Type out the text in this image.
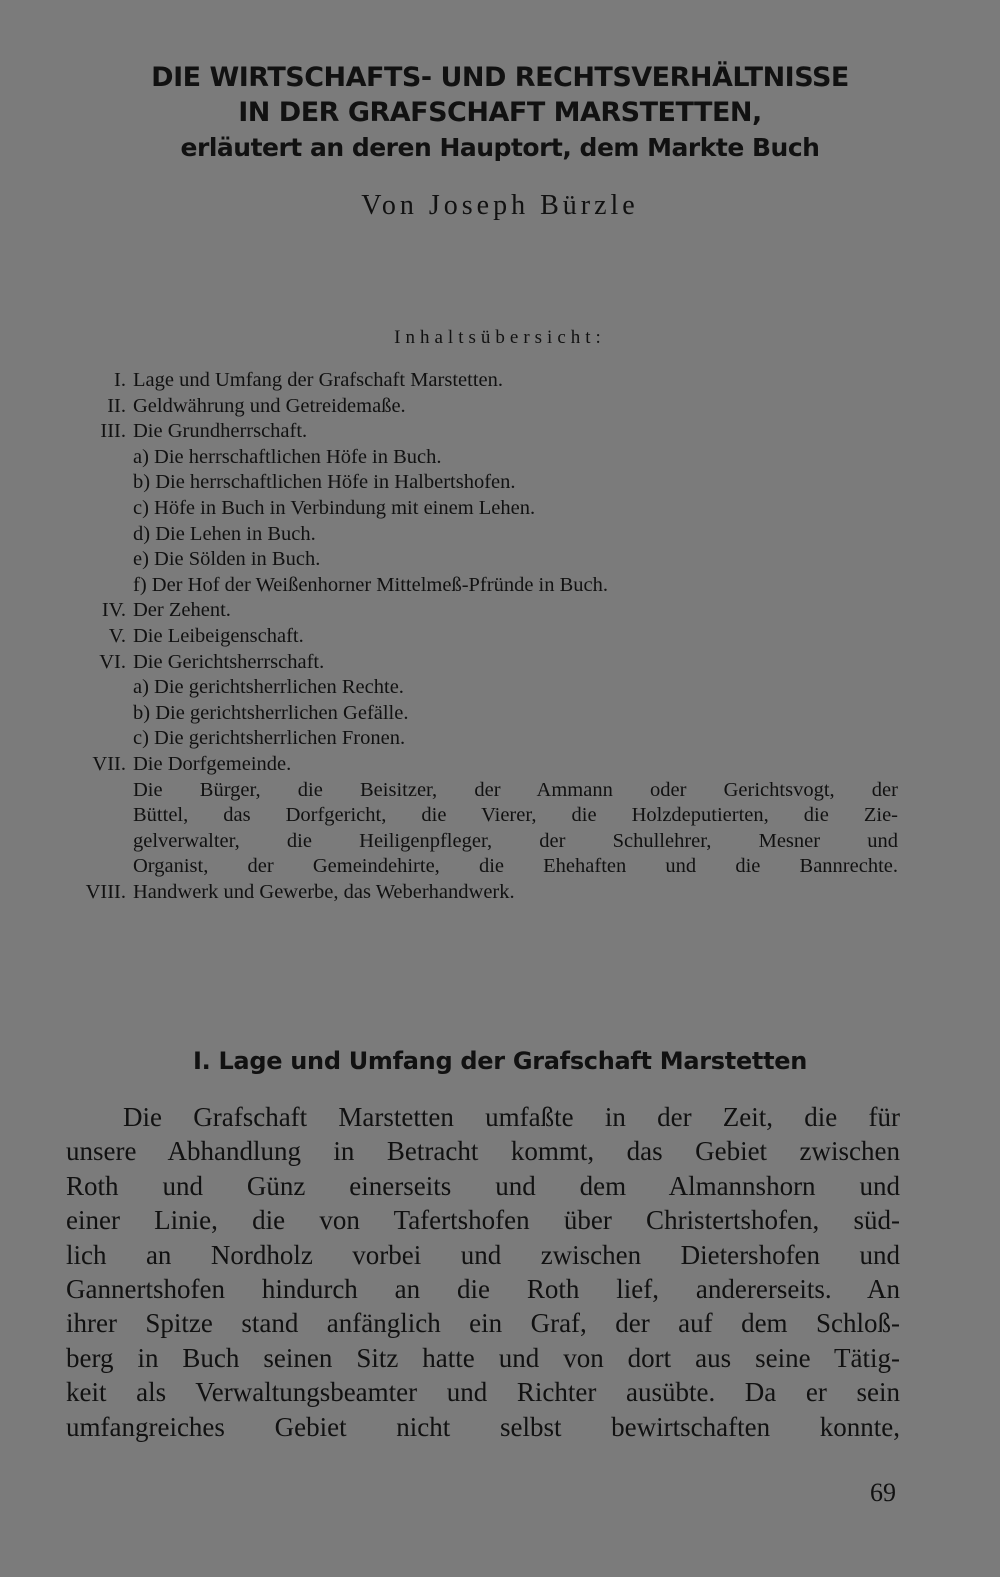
DIE WIRTSCHAFTS- UND RECHTSVERHÄLTNISSE
IN DER GRAFSCHAFT MARSTETTEN,
erläutert an deren Hauptort, dem Markte Buch
Von Joseph Bürzle
Inhaltsübersicht:
I. Lage und Umfang der Grafschaft Marstetten.
II. Geldwährung und Getreidemaße.
III. Die Grundherrschaft.
a) Die herrschaftlichen Höfe in Buch.
b) Die herrschaftlichen Höfe in Halbertshofen.
c) Höfe in Buch in Verbindung mit einem Lehen.
d) Die Lehen in Buch.
e) Die Sölden in Buch.
f) Der Hof der Weißenhorner Mittelmeß-Pfründe in Buch.
IV. Der Zehent.
V. Die Leibeigenschaft.
VI. Die Gerichtsherrschaft.
a) Die gerichtsherrlichen Rechte.
b) Die gerichtsherrlichen Gefälle.
c) Die gerichtsherrlichen Fronen.
VII. Die Dorfgemeinde.
Die Bürger, die Beisitzer, der Ammann oder Gerichtsvogt, der
Büttel, das Dorfgericht, die Vierer, die Holzdeputierten, die Zie-
gelverwalter, die Heiligenpfleger, der Schullehrer, Mesner und
Organist, der Gemeindehirte, die Ehehaften und die Bannrechte.
VIII. Handwerk und Gewerbe, das Weberhandwerk.
I. Lage und Umfang der Grafschaft Marstetten
Die Grafschaft Marstetten umfaßte in der Zeit, die für
unsere Abhandlung in Betracht kommt, das Gebiet zwischen
Roth und Günz einerseits und dem Almannshorn und
einer Linie, die von Tafertshofen über Christertshofen, süd-
lich an Nordholz vorbei und zwischen Dietershofen und
Gannertshofen hindurch an die Roth lief, andererseits. An
ihrer Spitze stand anfänglich ein Graf, der auf dem Schloß-
berg in Buch seinen Sitz hatte und von dort aus seine Tätig-
keit als Verwaltungsbeamter und Richter ausübte. Da er sein
umfangreiches Gebiet nicht selbst bewirtschaften konnte,
69
